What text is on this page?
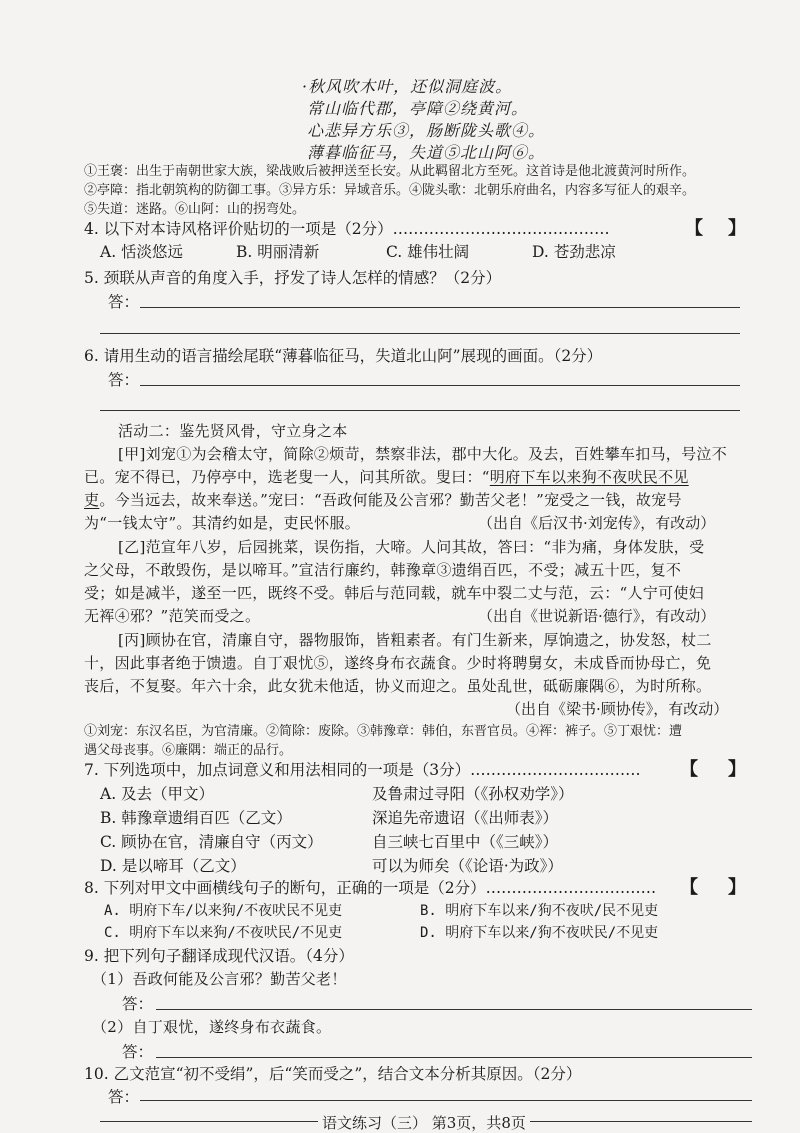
·秋风吹木叶，还似洞庭波。
常山临代郡，亭障②绕黄河。
心悲异方乐③，肠断陇头歌④。
薄暮临征马，失道⑤北山阿⑥。
①王褒：出生于南朝世家大族，梁战败后被押送至长安。从此羁留北方至死。这首诗是他北渡黄河时所作。
②亭障：指北朝筑构的防御工事。③异方乐：异域音乐。④陇头歌：北朝乐府曲名，内容多写征人的艰辛。
⑤失道：迷路。⑥山阿：山的拐弯处。
4. 以下对本诗风格评价贴切的一项是（2分）……………………………………	【 】
A. 恬淡悠远	B. 明丽清新	C. 雄伟壮阔	D. 苍劲悲凉
5. 颈联从声音的角度入手，抒发了诗人怎样的情感？（2分）
答：
6. 请用生动的语言描绘尾联“薄暮临征马，失道北山阿”展现的画面。（2分）
答：
活动二：鉴先贤风骨，守立身之本
[甲]刘宠①为会稽太守，简除②烦苛，禁察非法，郡中大化。及去，百姓攀车扣马，号泣不
已。宠不得已，乃停亭中，选老叟一人，问其所欲。叟曰：“明府下车以来狗不夜吠民不见
吏。今当远去，故来奉送。”宠曰：“吾政何能及公言邪？勤苦父老！”宠受之一钱，故宠号
为“一钱太守”。其清约如是，吏民怀服。	（出自《后汉书·刘宠传》，有改动）
[乙]范宣年八岁，后园挑菜，误伤指，大啼。人问其故，答曰：“非为痛，身体发肤，受
之父母，不敢毁伤，是以啼耳。”宣洁行廉约，韩豫章③遗绢百匹，不受；减五十匹，复不
受；如是减半，遂至一匹，既终不受。韩后与范同载，就车中裂二丈与范，云：“人宁可使妇
无裈④邪？”范笑而受之。	（出自《世说新语·德行》，有改动）
[丙]顾协在官，清廉自守，器物服饰，皆粗素者。有门生新来，厚饷遗之，协发怒，杖二
十，因此事者绝于馈遗。自丁艰忧⑤，遂终身布衣蔬食。少时将聘舅女，未成昏而协母亡，免
丧后，不复娶。年六十余，此女犹未他适，协义而迎之。虽处乱世，砥砺廉隅⑥，为时所称。
（出自《梁书·顾协传》，有改动）
①刘宠：东汉名臣，为官清廉。②简除：废除。③韩豫章：韩伯，东晋官员。④裈：裤子。⑤丁艰忧：遭
遇父母丧事。⑥廉隅：端正的品行。
7. 下列选项中，加点词意义和用法相同的一项是（3分）…………………………… 【 】
A. 及去（甲文）	及鲁肃过寻阳（《孙权劝学》）
B. 韩豫章遗绢百匹（乙文）	深追先帝遗诏（《出师表》）
C. 顾协在官，清廉自守（丙文）	自三峡七百里中（《三峡》）
D. 是以啼耳（乙文）	可以为师矣（《论语·为政》）
8. 下列对甲文中画横线句子的断句，正确的一项是（2分）…………………………… 【 】
A. 明府下车/以来狗/不夜吠民不见吏	B. 明府下车以来/狗不夜吠/民不见吏
C. 明府下车以来狗/不夜吠民/不见吏	D. 明府下车以来/狗不夜吠民/不见吏
9. 把下列句子翻译成现代汉语。（4分）
（1）吾政何能及公言邪？勤苦父老！
答：
（2）自丁艰忧，遂终身布衣蔬食。
答：
10. 乙文范宣“初不受绢”，后“笑而受之”，结合文本分析其原因。（2分）
答：
语文练习（三） 第3页，共8页
